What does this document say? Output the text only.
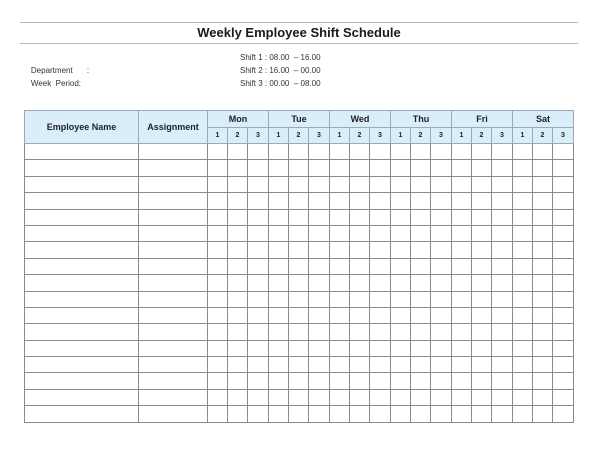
Weekly Employee Shift Schedule

Department :

Week  Period:

Shift 1 : 08.00  – 16.00
Shift 2 : 16.00  – 00.00
Shift 3 : 00.00  – 08.00
Employee Name	Assignment	Mon			Tue			Wed			Thu			Fri			Sat		
		1	2	3	1	2	3	1	2	3	1	2	3	1	2	3	1	2	3
